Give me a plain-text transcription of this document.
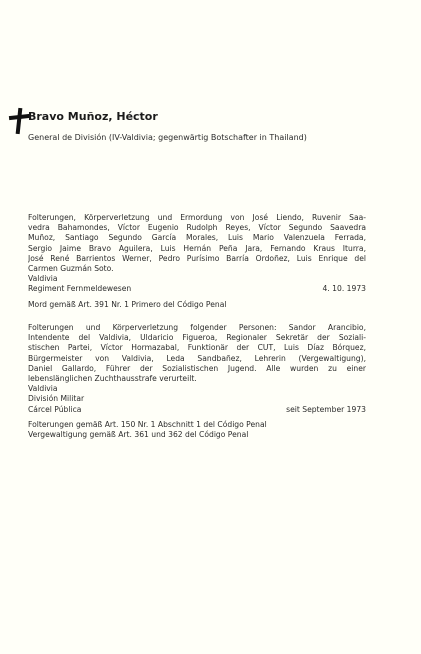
Bravo Muñoz, Héctor
General de División (IV-Valdivia; gegenwärtig Botschafter in Thailand)
Folterungen, Körperverletzung und Ermordung von José Liendo, Ruvenir Saa-
vedra Bahamondes, Víctor Eugenio Rudolph Reyes, Víctor Segundo Saavedra
Muñoz, Santiago Segundo García Morales, Luis Mario Valenzuela Ferrada,
Sergio Jaime Bravo Aguilera, Luis Hernán Peña Jara, Fernando Kraus Iturra,
José René Barrientos Werner, Pedro Purísimo Barría Ordoñez, Luis Enrique del
Carmen Guzmán Soto.
Valdivia
Regiment Fernmeldewesen	4. 10. 1973
Mord gemäß Art. 391 Nr. 1 Primero del Código Penal
Folterungen und Körperverletzung folgender Personen: Sandor Arancibio,
Intendente del Valdivia, Uldaricio Figueroa, Regionaler Sekretär der Soziali-
stischen Partei, Víctor Hormazabal, Funktionär der CUT, Luis Díaz Bórquez,
Bürgermeister von Valdivia, Leda Sandbañez, Lehrerin (Vergewaltigung),
Daniel Gallardo, Führer der Sozialistischen Jugend. Alle wurden zu einer
lebenslänglichen Zuchthausstrafe verurteilt.
Valdivia
División Militar
Cárcel Pública	seit September 1973
Folterungen gemäß Art. 150 Nr. 1 Abschnitt 1 del Código Penal
Vergewaltigung gemäß Art. 361 und 362 del Código Penal
